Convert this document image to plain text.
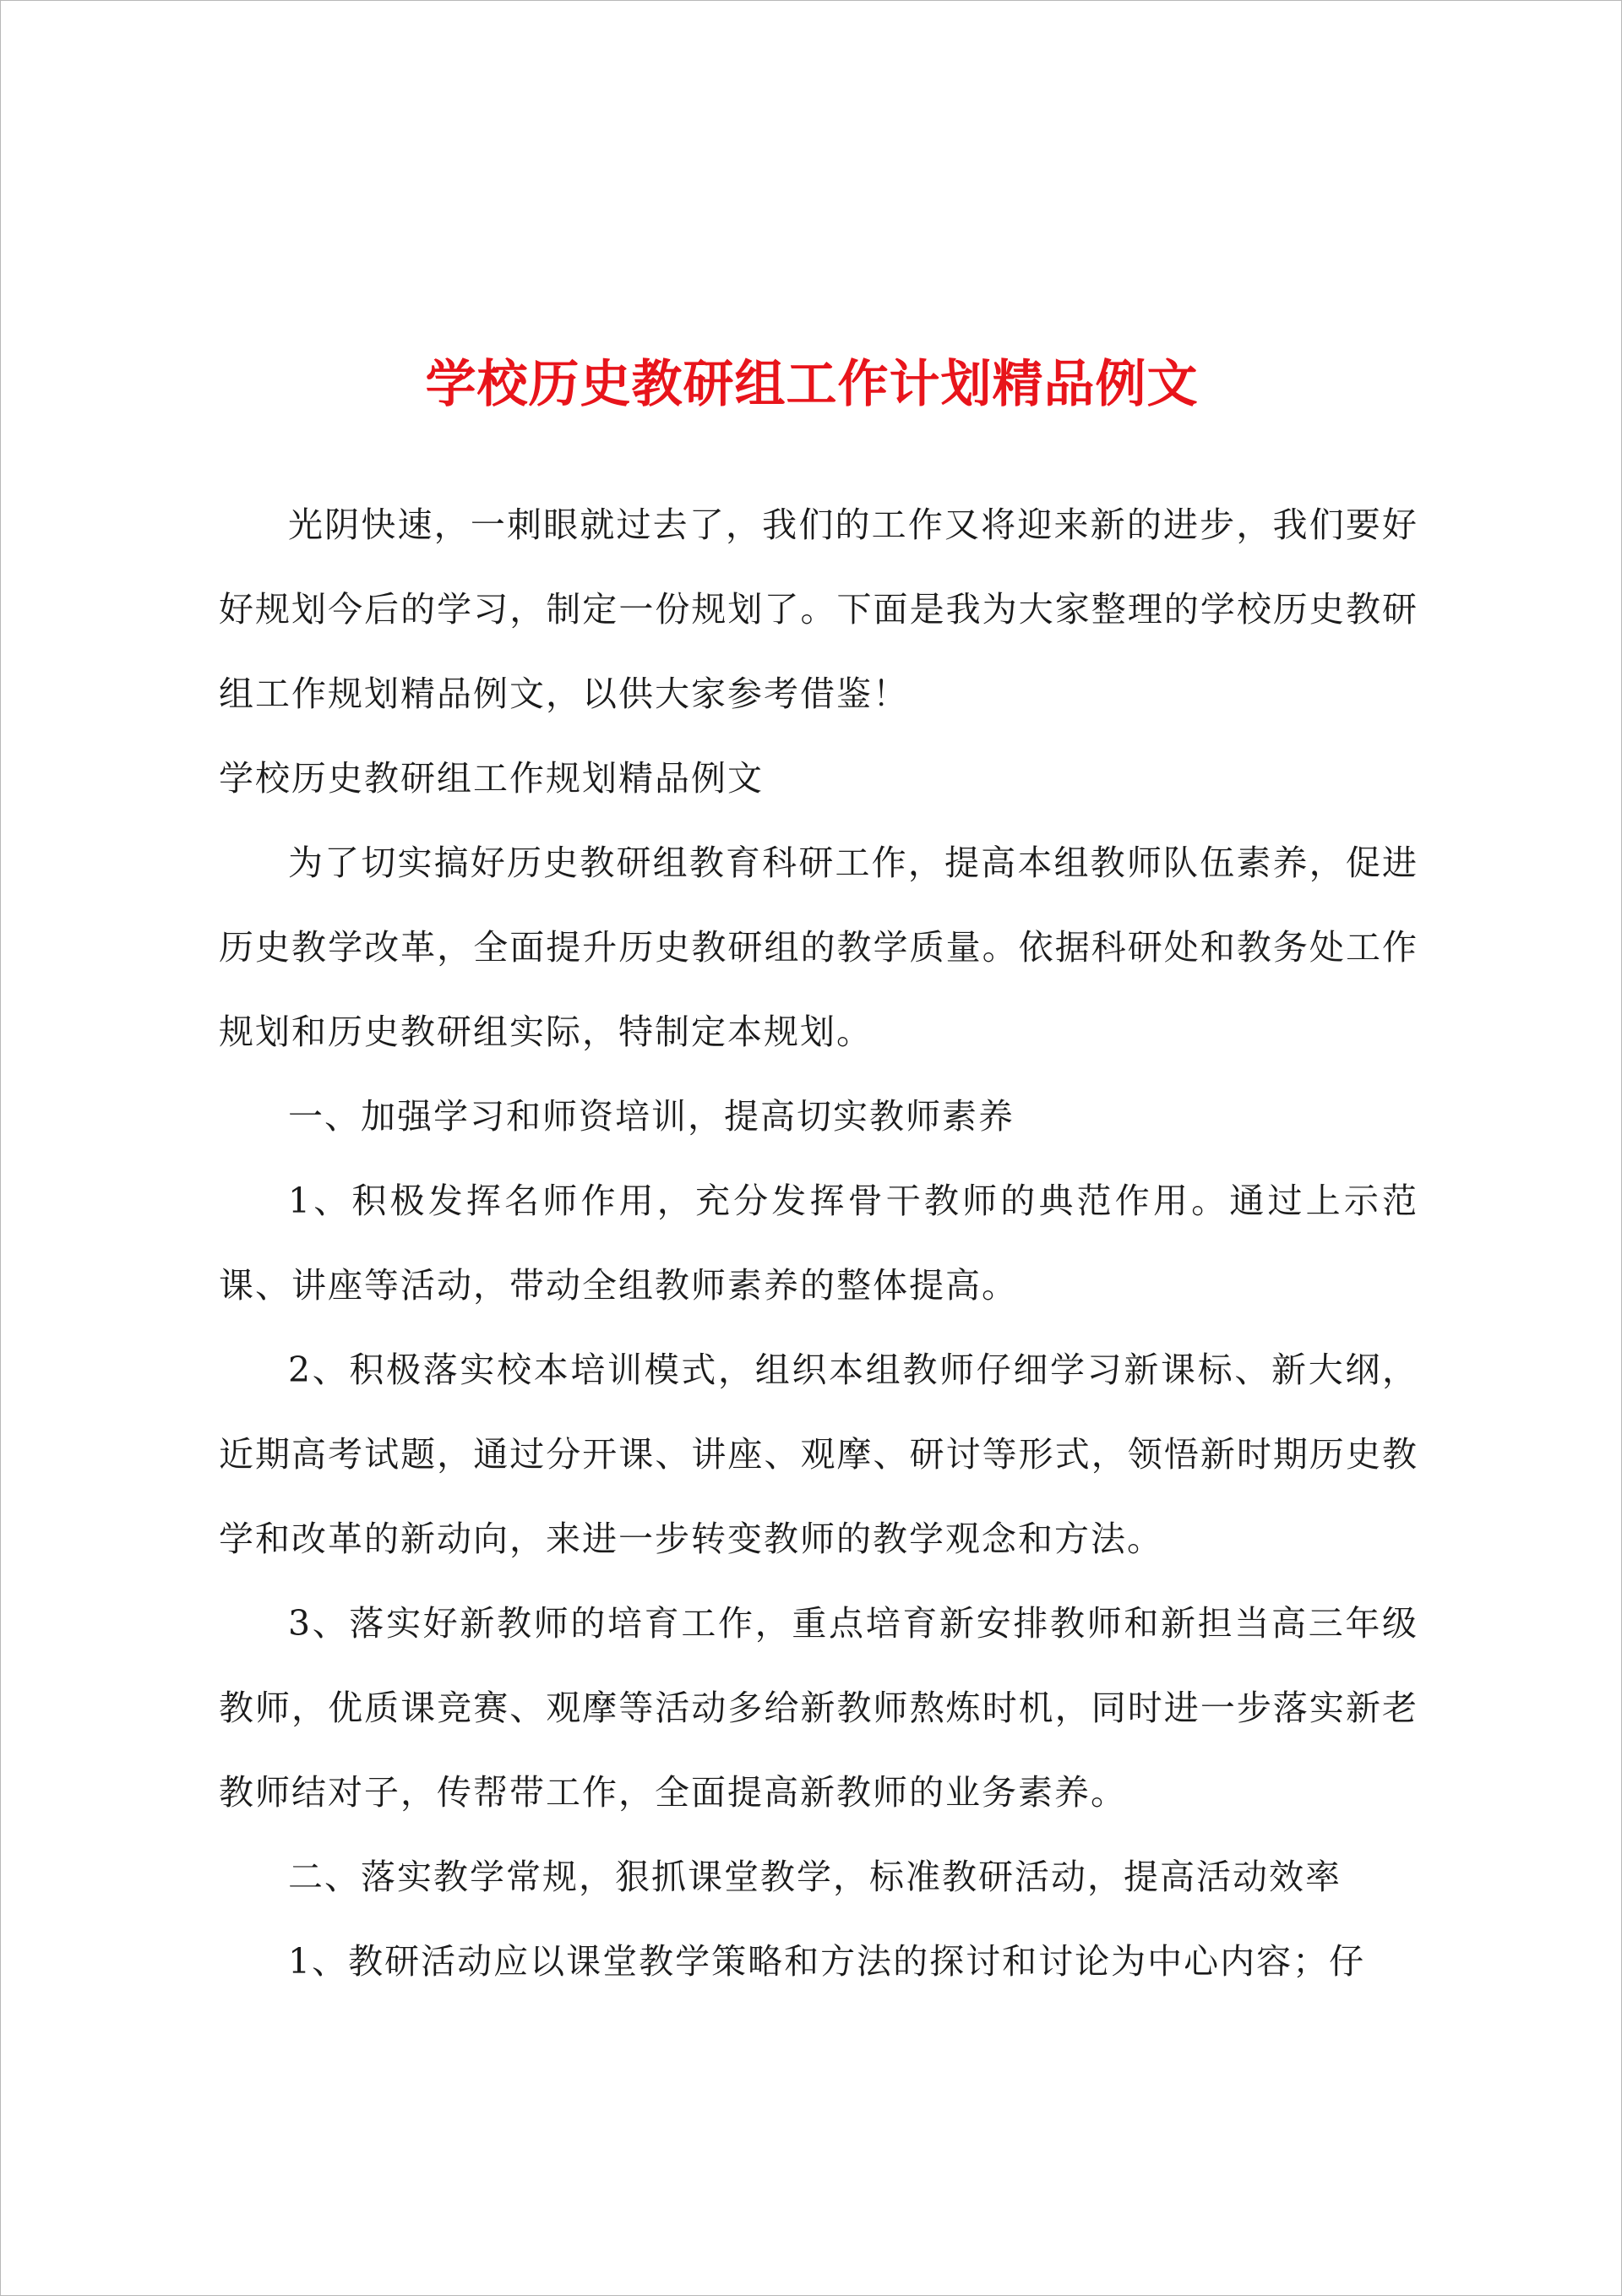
学校历史教研组工作计划精品例文

光阴快速，一刺眼就过去了，我们的工作又将迎来新的进步，我们要好好规划今后的学习，制定一份规划了。下面是我为大家整理的学校历史教研组工作规划精品例文，以供大家参考借鉴！

学校历史教研组工作规划精品例文

为了切实搞好历史教研组教育科研工作，提高本组教师队伍素养，促进历史教学改革，全面提升历史教研组的教学质量。依据科研处和教务处工作规划和历史教研组实际，特制定本规划。

一、加强学习和师资培训，提高切实教师素养

1、积极发挥名师作用，充分发挥骨干教师的典范作用。通过上示范课、讲座等活动，带动全组教师素养的整体提高。

2、积极落实校本培训模式，组织本组教师仔细学习新课标、新大纲，近期高考试题，通过分开课、讲座、观摩、研讨等形式，领悟新时期历史教学和改革的新动向，来进一步转变教师的教学观念和方法。

3、落实好新教师的培育工作，重点培育新安排教师和新担当高三年级教师，优质课竞赛、观摩等活动多给新教师熬炼时机，同时进一步落实新老教师结对子，传帮带工作，全面提高新教师的业务素养。

二、落实教学常规，狠抓课堂教学，标准教研活动，提高活动效率

1、教研活动应以课堂教学策略和方法的探讨和讨论为中心内容；仔
